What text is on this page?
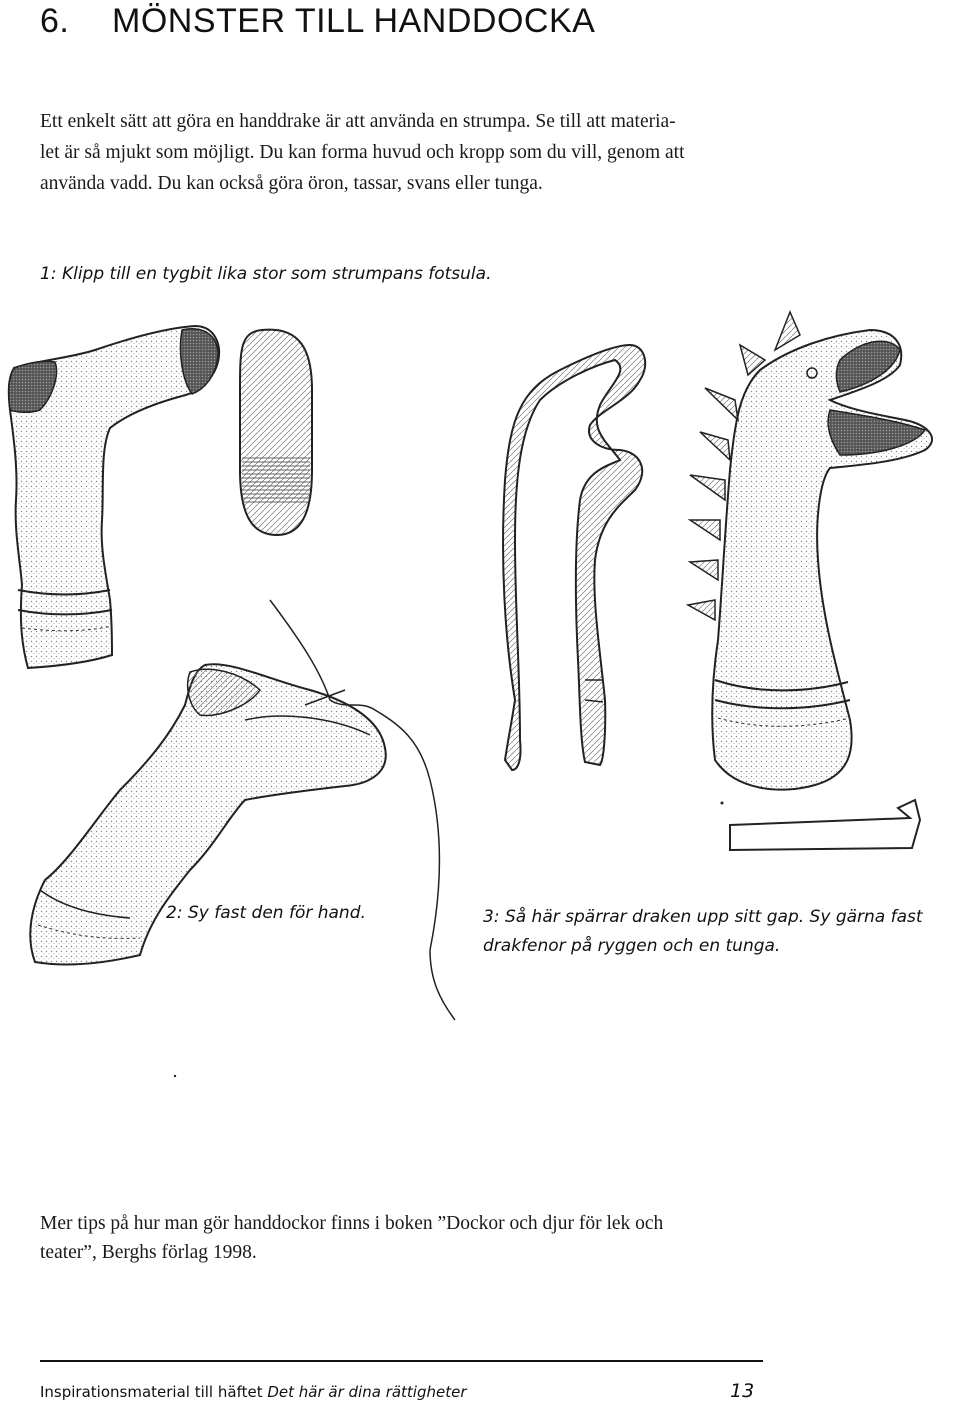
6. MÖNSTER TILL HANDDOCKA

Ett enkelt sätt att göra en handdrake är att använda en strumpa. Se till att materia-

let är så mjukt som möjligt. Du kan forma huvud och kropp som du vill, genom att

använda vadd. Du kan också göra öron, tassar, svans eller tunga.

1: Klipp till en tygbit lika stor som strumpans fotsula.
2: Sy fast den för hand.	3: Så här spärrar draken upp sitt gap. Sy gärna fast
drakfenor på ryggen och en tunga.
Mer tips på hur man gör handdockor finns i boken ”Dockor och djur för lek och
teater”, Berghs förlag 1998.
Inspirationsmaterial till häftet Det här är dina rättigheter	13
